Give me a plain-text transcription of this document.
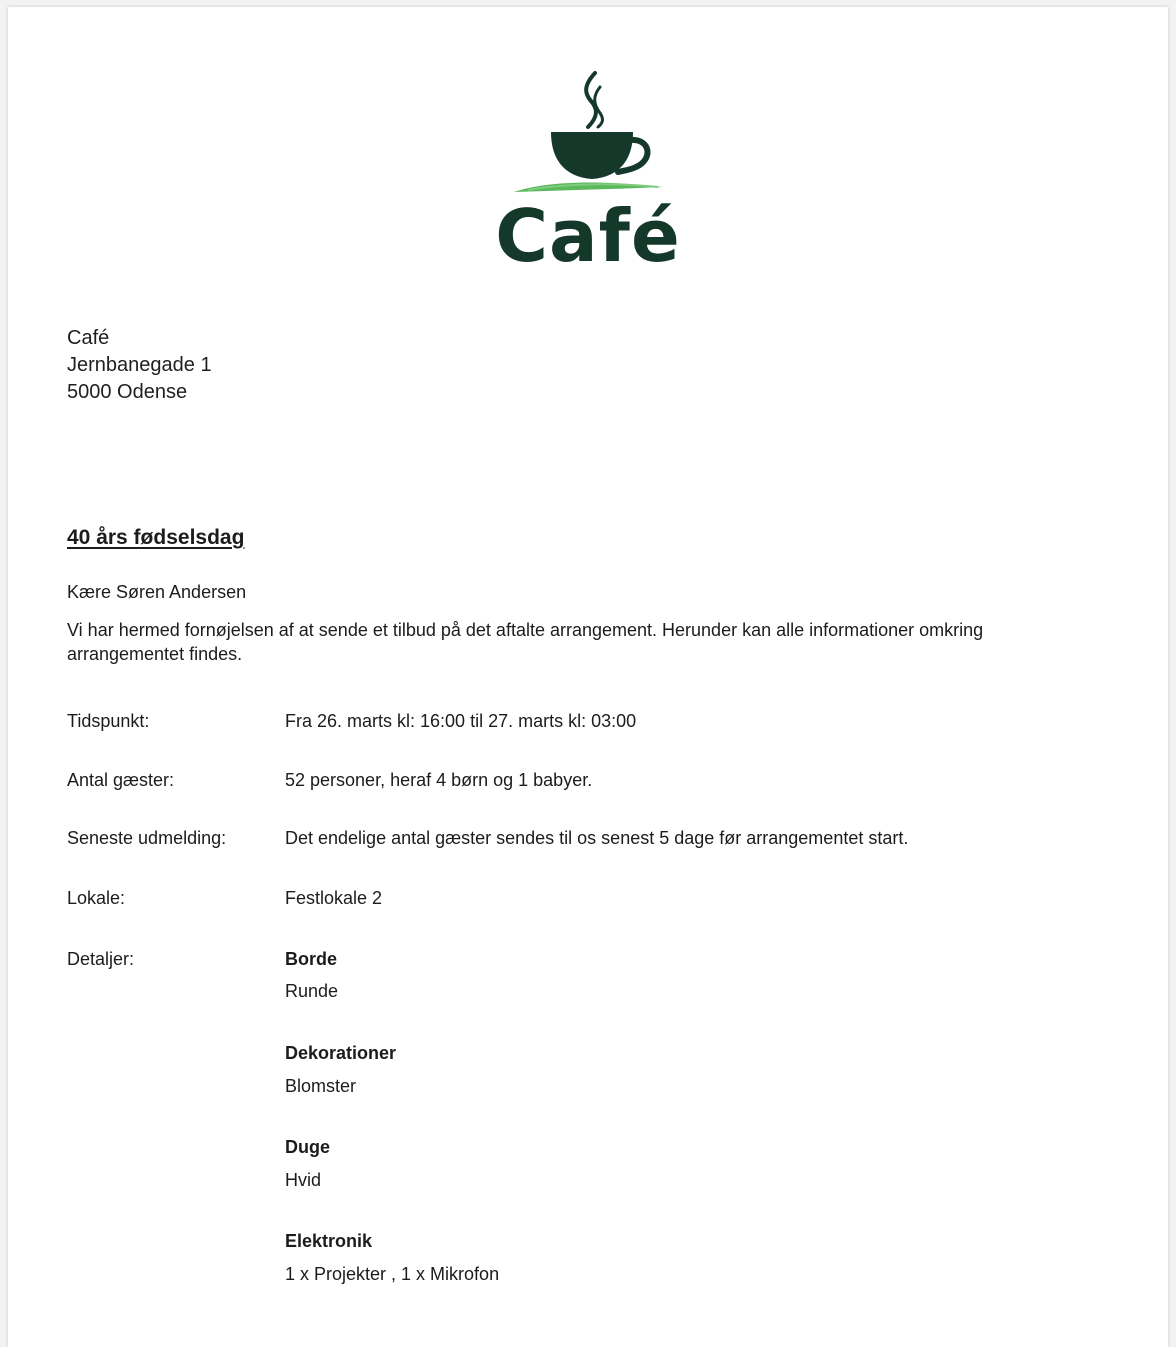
Café
Café
Jernbanegade 1
5000 Odense
40 års fødselsdag
Kære Søren Andersen
Vi har hermed fornøjelsen af at sende et tilbud på det aftalte arrangement. Herunder kan alle informationer omkring arrangementet findes.
Tidspunkt:	Fra 26. marts kl: 16:00 til 27. marts kl: 03:00
Antal gæster:	52 personer, heraf 4 børn og 1 babyer.
Seneste udmelding:	Det endelige antal gæster sendes til os senest 5 dage før arrangementet start.
Lokale:	Festlokale 2
Detaljer:	Borde
Runde
Dekorationer
Blomster
Duge
Hvid
Elektronik
1 x Projekter , 1 x Mikrofon
